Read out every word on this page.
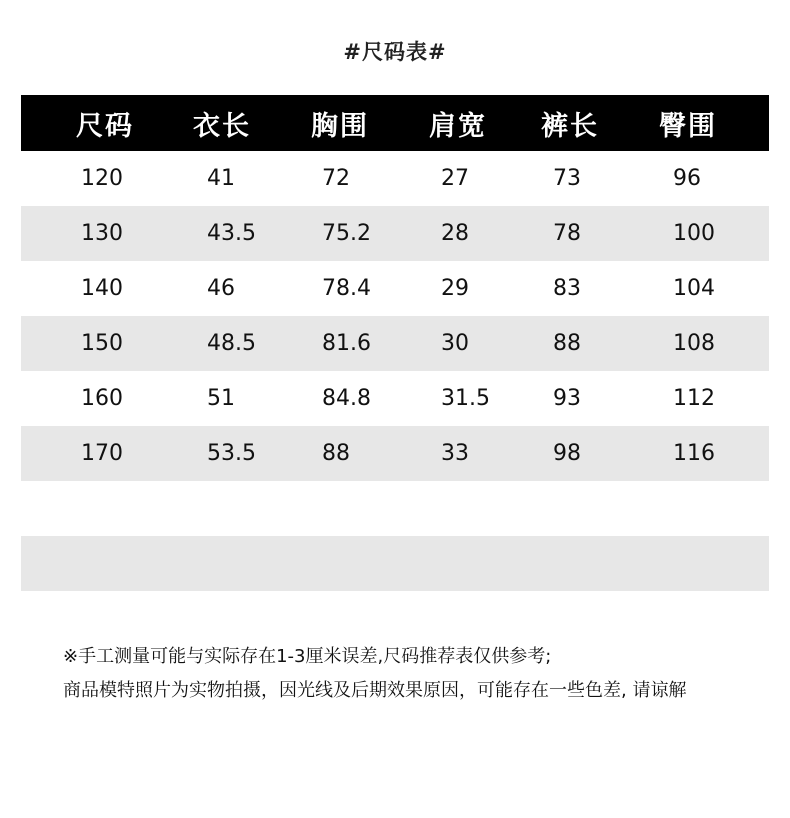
#尺码表#
尺码 衣长 胸围 肩宽 裤长 臀围
120	41	72	27	73	96
130	43.5	75.2	28	78	100
140	46	78.4	29	83	104
150	48.5	81.6	30	88	108
160	51	84.8	31.5	93	112
170	53.5	88	33	98	116
※手工测量可能与实际存在1-3厘米误差,尺码推荐表仅供参考;
商品模特照片为实物拍摄，因光线及后期效果原因，可能存在一些色差, 请谅解
